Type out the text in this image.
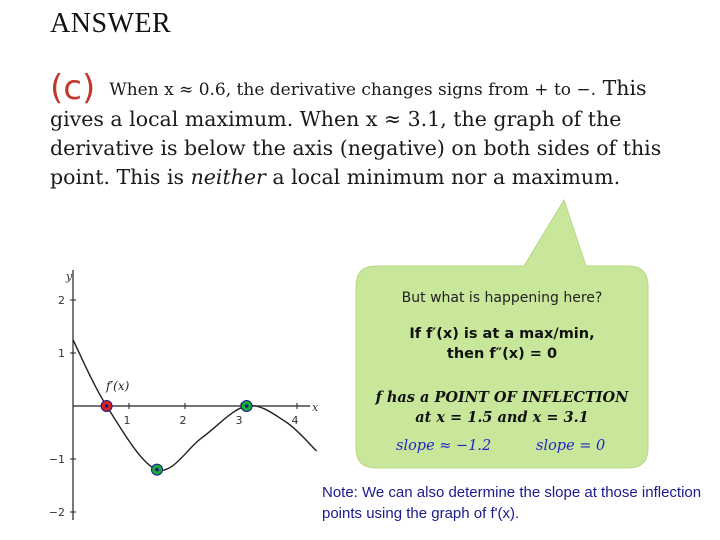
ANSWER
(c) When x ≈ 0.6, the derivative changes signs from + to −. This gives a local maximum. When x ≈ 3.1, the graph of the derivative is below the axis (negative) on both sides of this point. This is neither a local minimum nor a maximum.
But what is happening here?
If f′(x) is at a max/min,
then f″(x) = 0
f has a POINT OF INFLECTION
at x = 1.5 and x = 3.1
slope ≈ −1.2	slope = 0
y
x
2
1
−1
−2
1	2	3	4
f′(x)
Note: We can also determine the slope at those inflection points using the graph of f'(x).
